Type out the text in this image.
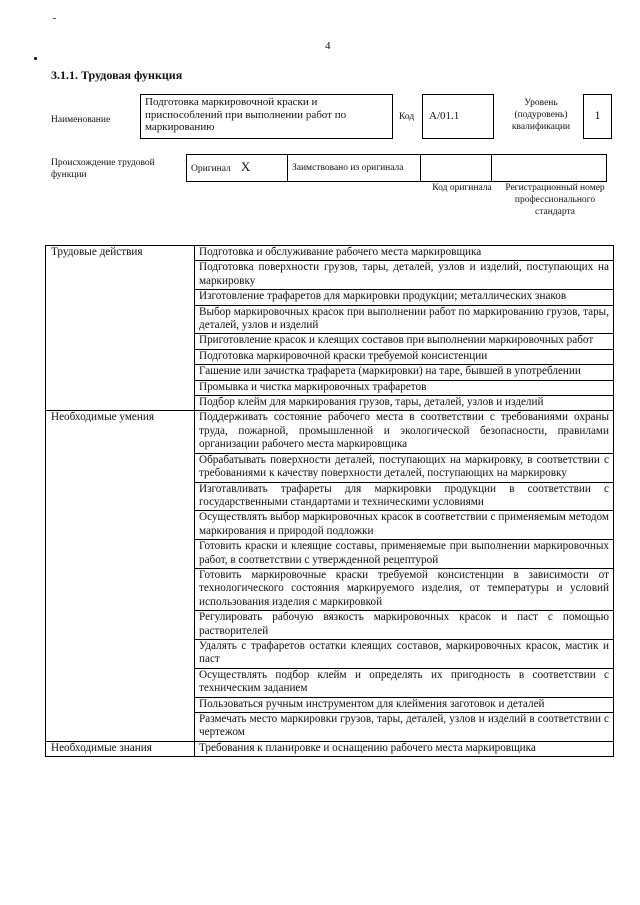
4
3.1.1. Трудовая функция
Наименование
Подготовка маркировочной краски и приспособлений при выполнении работ по маркированию
Код	А/01.1
Уровень (подуровень) квалификации
1
Происхождение трудовой функции
Оригинал X	Заимствовано из оригинала		
Код оригинала	Регистрационный номер профессионального стандарта
Трудовые действия	Подготовка и обслуживание рабочего места маркировщика
	Подготовка поверхности грузов, тары, деталей, узлов и изделий, поступающих на маркировку
	Изготовление трафаретов для маркировки продукции; металлических знаков
	Выбор маркировочных красок при выполнении работ по маркированию грузов, тары, деталей, узлов и изделий
	Приготовление красок и клеящих составов при выполнении маркировочных работ
	Подготовка маркировочной краски требуемой консистенции
	Гашение или зачистка трафарета (маркировки) на таре, бывшей в употреблении
	Промывка и чистка маркировочных трафаретов
	Подбор клейм для маркирования грузов, тары, деталей, узлов и изделий
Необходимые умения	Поддерживать состояние рабочего места в соответствии с требованиями охраны труда, пожарной, промышленной и экологической безопасности, правилами организации рабочего места маркировщика
	Обрабатывать поверхности деталей, поступающих на маркировку, в соответствии с требованиями к качеству поверхности деталей, поступающих на маркировку
	Изготавливать трафареты для маркировки продукции в соответствии с государственными стандартами и техническими условиями
	Осуществлять выбор маркировочных красок в соответствии с применяемым методом маркирования и природой подложки
	Готовить краски и клеящие составы, применяемые при выполнении маркировочных работ, в соответствии с утвержденной рецептурой
	Готовить маркировочные краски требуемой консистенции в зависимости от технологического состояния маркируемого изделия, от температуры и условий использования изделия с маркировкой
	Регулировать рабочую вязкость маркировочных красок и паст с помощью растворителей
	Удалять с трафаретов остатки клеящих составов, маркировочных красок, мастик и паст
	Осуществлять подбор клейм и определять их пригодность в соответствии с техническим заданием
	Пользоваться ручным инструментом для клеймения заготовок и деталей
	Размечать место маркировки грузов, тары, деталей, узлов и изделий в соответствии с чертежом
Необходимые знания	Требования к планировке и оснащению рабочего места маркировщика
